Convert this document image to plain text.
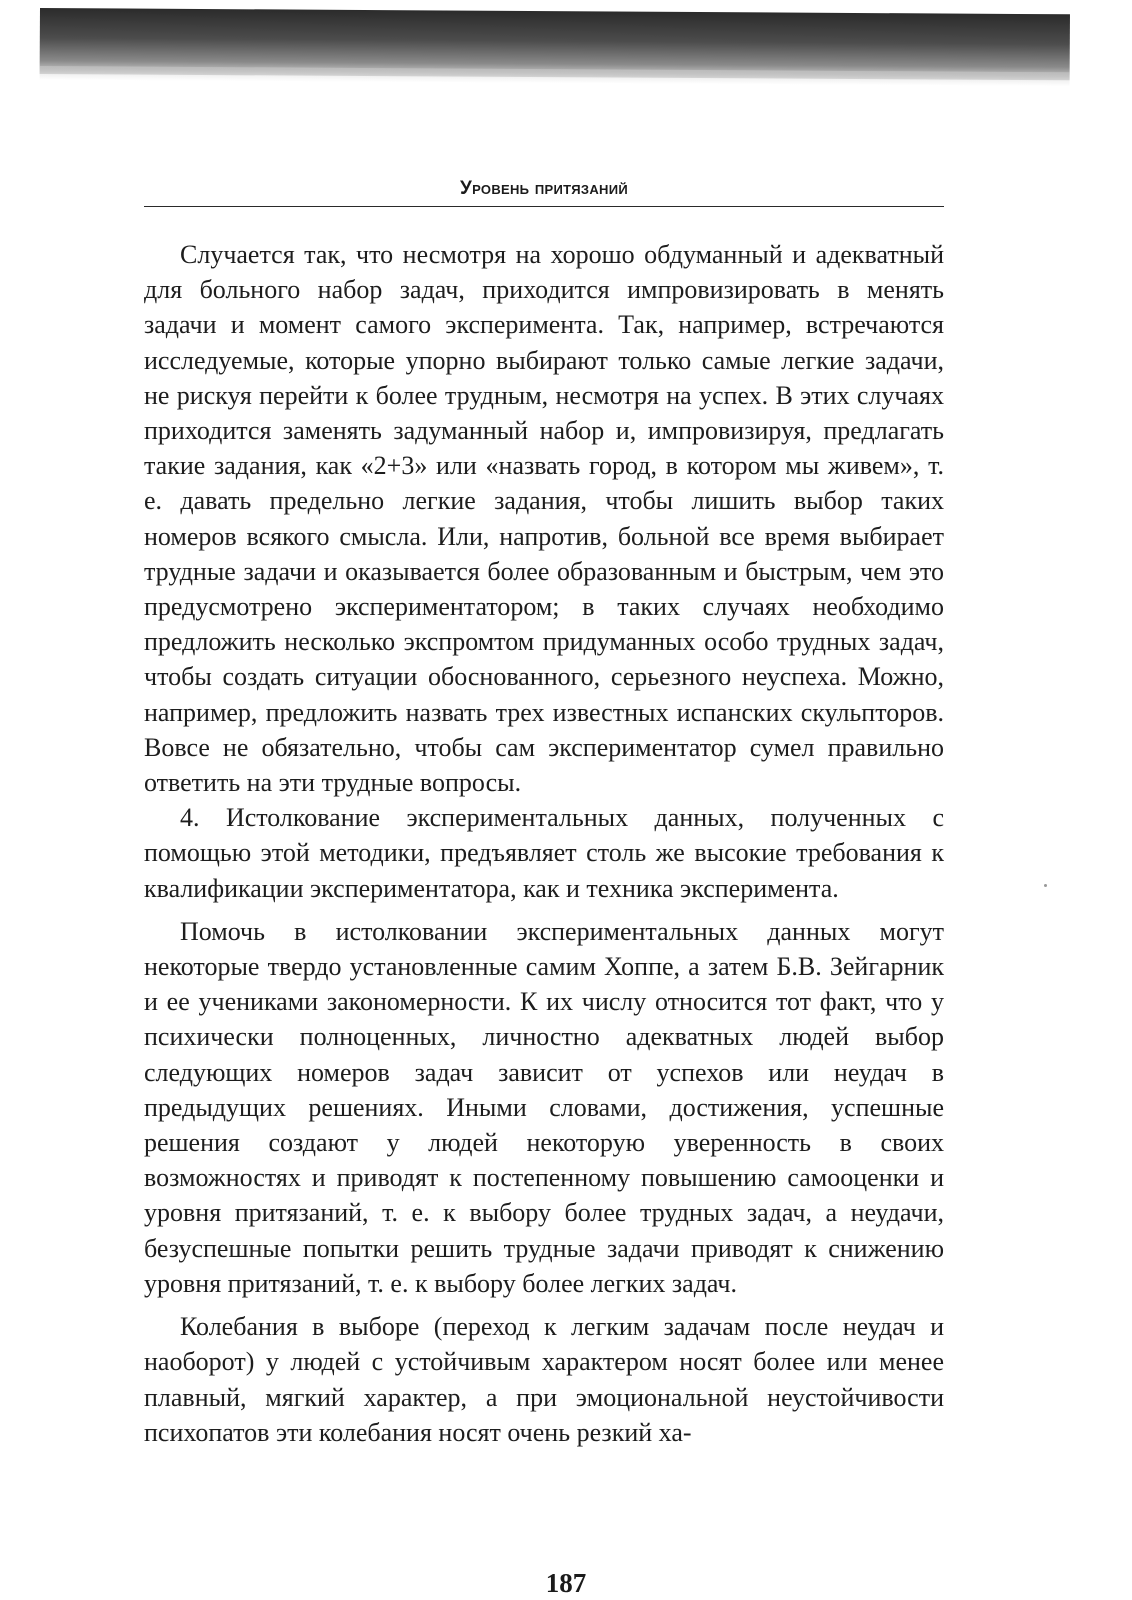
Уровень притязаний

Случается так, что несмотря на хорошо обдуманный и адекватный для больного набор задач, приходится импровизировать в менять задачи и момент самого эксперимента. Так, например, встречаются исследуемые, которые упорно выбирают только самые легкие задачи, не рискуя перейти к более трудным, несмотря на успех. В этих случаях приходится заменять задуманный набор и, импровизируя, предлагать такие задания, как «2+3» или «назвать город, в котором мы живем», т. е. давать предельно легкие задания, чтобы лишить выбор таких номеров всякого смысла. Или, напротив, больной все время выбирает трудные задачи и оказывается более образованным и быстрым, чем это предусмотрено экспериментатором; в таких случаях необходимо предложить несколько экспромтом придуманных особо трудных задач, чтобы создать ситуации обоснованного, серьезного неуспеха. Можно, например, предложить назвать трех известных испанских скульпторов. Вовсе не обязательно, чтобы сам экспериментатор сумел правильно ответить на эти трудные вопросы.

4. Истолкование экспериментальных данных, полученных с помощью этой методики, предъявляет столь же высокие требования к квалификации экспериментатора, как и техника эксперимента.

Помочь в истолковании экспериментальных данных могут некоторые твердо установленные самим Хоппе, а затем Б.В. Зейгарник и ее учениками закономерности. К их числу относится тот факт, что у психически полноценных, личностно адекватных людей выбор следующих номеров задач зависит от успехов или неудач в предыдущих решениях. Иными словами, достижения, успешные решения создают у людей некоторую уверенность в своих возможностях и приводят к постепенному повышению самооценки и уровня притязаний, т. е. к выбору более трудных задач, а неудачи, безуспешные попытки решить трудные задачи приводят к снижению уровня притязаний, т. е. к выбору более легких задач.

Колебания в выборе (переход к легким задачам после неудач и наоборот) у людей с устойчивым характером носят более или менее плавный, мягкий характер, а при эмоциональной неустойчивости психопатов эти колебания носят очень резкий ха-

187
